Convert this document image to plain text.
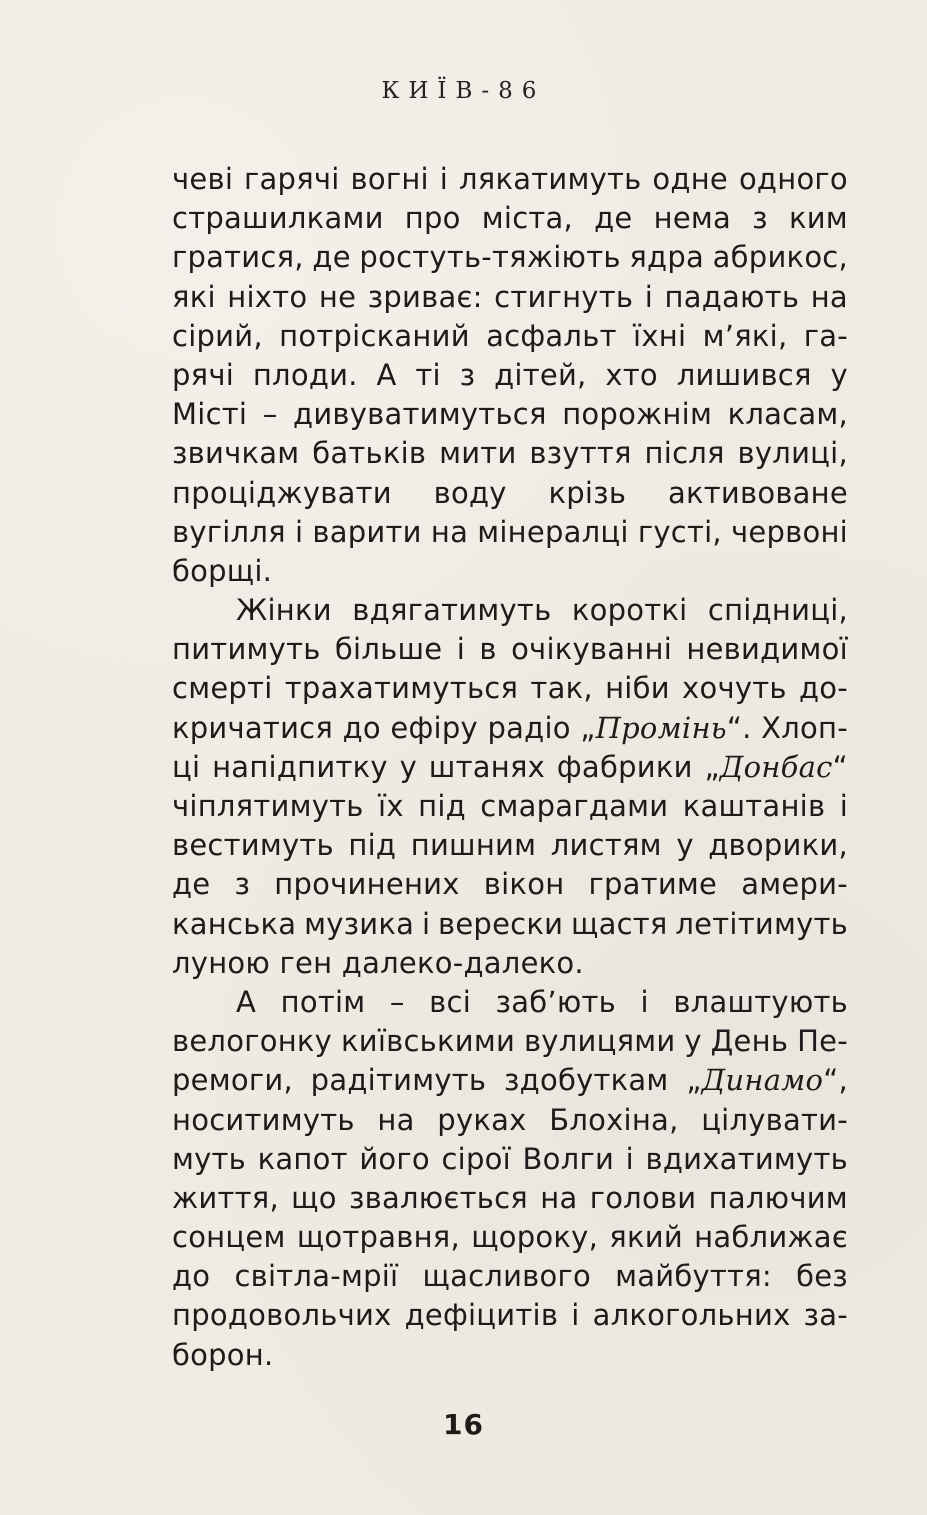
КИЇВ-86
чеві гарячі вогні і лякатимуть одне одного
страшилками про міста, де нема з ким
гратися, де ростуть-тяжіють ядра абрикос,
які ніхто не зриває: стигнуть і падають на
сірий, потрісканий асфальт їхні м’які, га-
рячі плоди. А ті з дітей, хто лишився у
Місті – дивуватимуться порожнім класам,
звичкам батьків мити взуття після вулиці,
проціджувати воду крізь активоване
вугілля і варити на мінералці густі, червоні
борщі.
Жінки вдягатимуть короткі спідниці,
питимуть більше і в очікуванні невидимої
смерті трахатимуться так, ніби хочуть до-
кричатися до ефіру радіо „Промінь“. Хлоп-
ці напідпитку у штанях фабрики „Донбас“
чіплятимуть їх під смарагдами каштанів і
вестимуть під пишним листям у дворики,
де з прочинених вікон гратиме амери-
канська музика і верески щастя летітимуть
луною ген далеко-далеко.
А потім – всі заб’ють і влаштують
велогонку київськими вулицями у День Пе-
ремоги, радітимуть здобуткам „Динамо“,
носитимуть на руках Блохіна, цілувати-
муть капот його сірої Волги і вдихатимуть
життя, що звалюється на голови палючим
сонцем щотравня, щороку, який наближає
до світла-мрії щасливого майбуття: без
продовольчих дефіцитів і алкогольних за-
борон.
16
